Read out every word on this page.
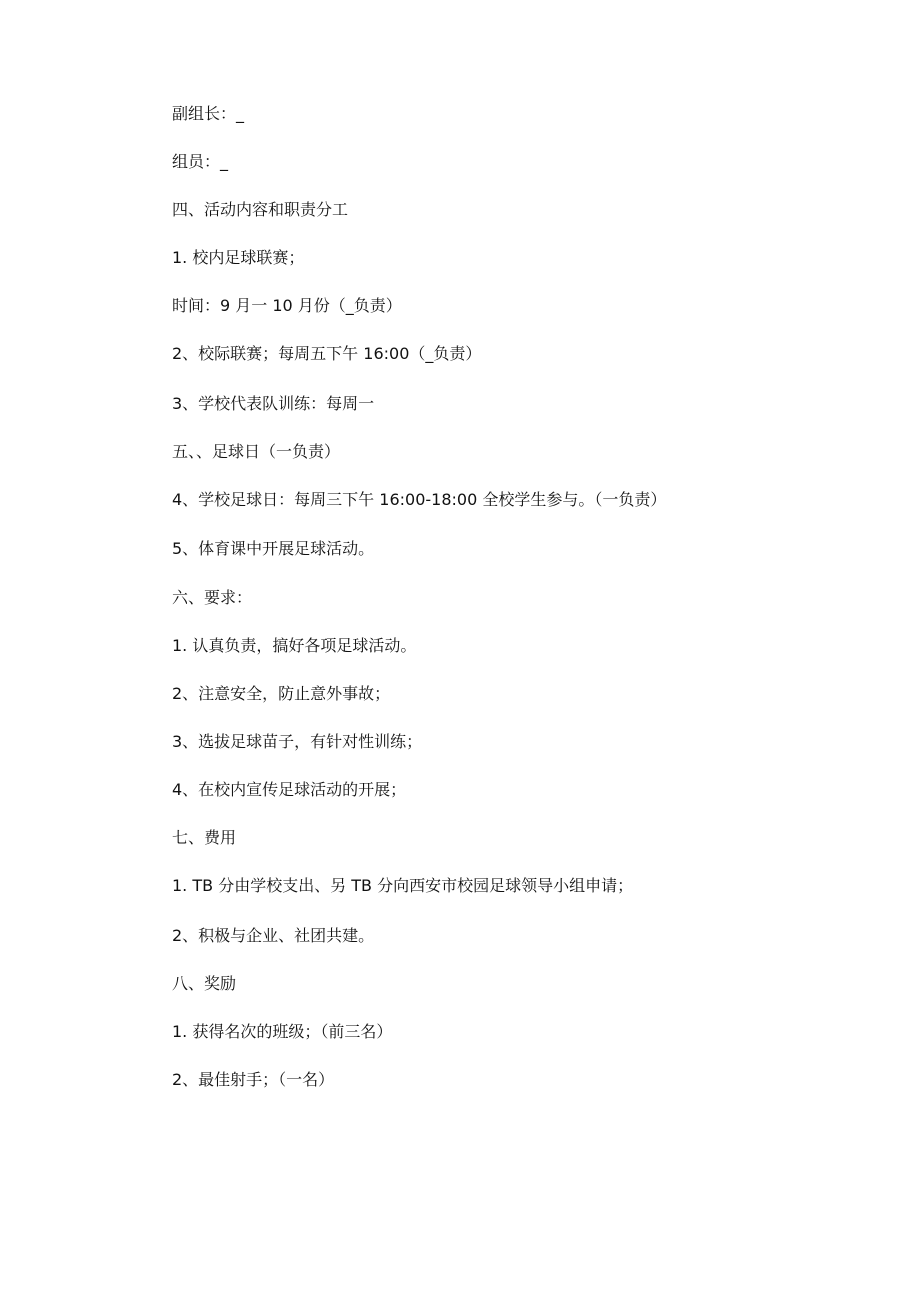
副组长：_
组员：_
四、活动内容和职责分工
1. 校内足球联赛；
时间：9 月一 10 月份（_负责）
2、校际联赛；每周五下午 16:00（_负责）
3、学校代表队训练：每周一
五、、足球日（一负责）
4、学校足球日：每周三下午 16:00-18:00 全校学生参与。（一负责）
5、体育课中开展足球活动。
六、要求：
1. 认真负责，搞好各项足球活动。
2、注意安全，防止意外事故；
3、选拔足球苗子，有针对性训练；
4、在校内宣传足球活动的开展；
七、费用
1. TB 分由学校支出、另 TB 分向西安市校园足球领导小组申请；
2、积极与企业、社团共建。
八、奖励
1. 获得名次的班级；（前三名）
2、最佳射手；（一名）
